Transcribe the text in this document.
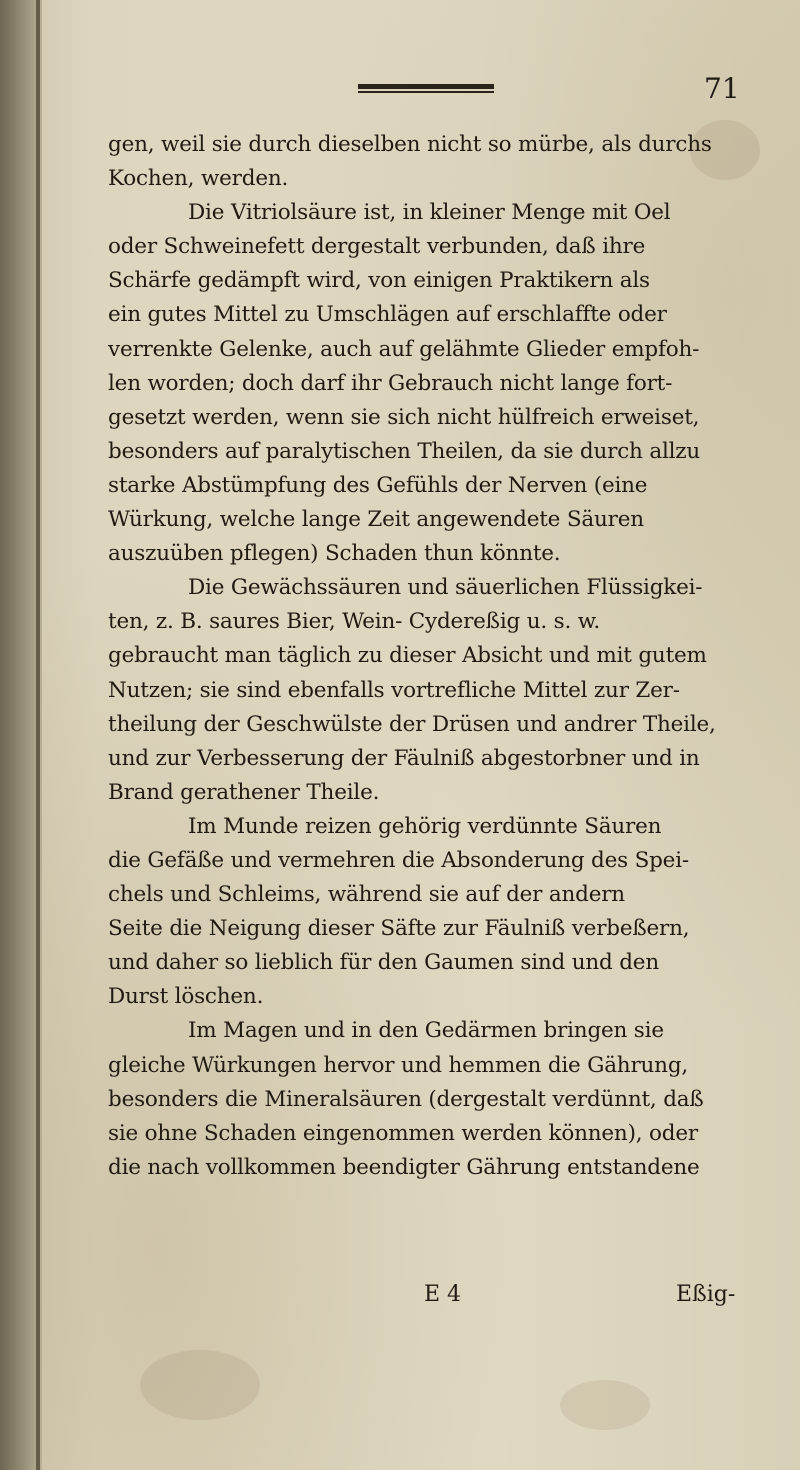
71
gen, weil sie durch dieselben nicht so mürbe, als durchs
Kochen, werden.
Die Vitriolsäure ist, in kleiner Menge mit Oel
oder Schweinefett dergestalt verbunden, daß ihre
Schärfe gedämpft wird, von einigen Praktikern als
ein gutes Mittel zu Umschlägen auf erschlaffte oder
verrenkte Gelenke, auch auf gelähmte Glieder empfoh-
len worden; doch darf ihr Gebrauch nicht lange fort-
gesetzt werden, wenn sie sich nicht hülfreich erweiset,
besonders auf paralytischen Theilen, da sie durch allzu
starke Abstümpfung des Gefühls der Nerven (eine
Würkung, welche lange Zeit angewendete Säuren
auszuüben pflegen) Schaden thun könnte.
Die Gewächssäuren und säuerlichen Flüssigkei-
ten, z. B. saures Bier, Wein- Cydereßig u. s. w.
gebraucht man täglich zu dieser Absicht und mit gutem
Nutzen; sie sind ebenfalls vortrefliche Mittel zur Zer-
theilung der Geschwülste der Drüsen und andrer Theile,
und zur Verbesserung der Fäulniß abgestorbner und in
Brand gerathener Theile.
Im Munde reizen gehörig verdünnte Säuren
die Gefäße und vermehren die Absonderung des Spei-
chels und Schleims, während sie auf der andern
Seite die Neigung dieser Säfte zur Fäulniß verbeßern,
und daher so lieblich für den Gaumen sind und den
Durst löschen.
Im Magen und in den Gedärmen bringen sie
gleiche Würkungen hervor und hemmen die Gährung,
besonders die Mineralsäuren (dergestalt verdünnt, daß
sie ohne Schaden eingenommen werden können), oder
die nach vollkommen beendigter Gährung entstandene
E 4	Eßig-
